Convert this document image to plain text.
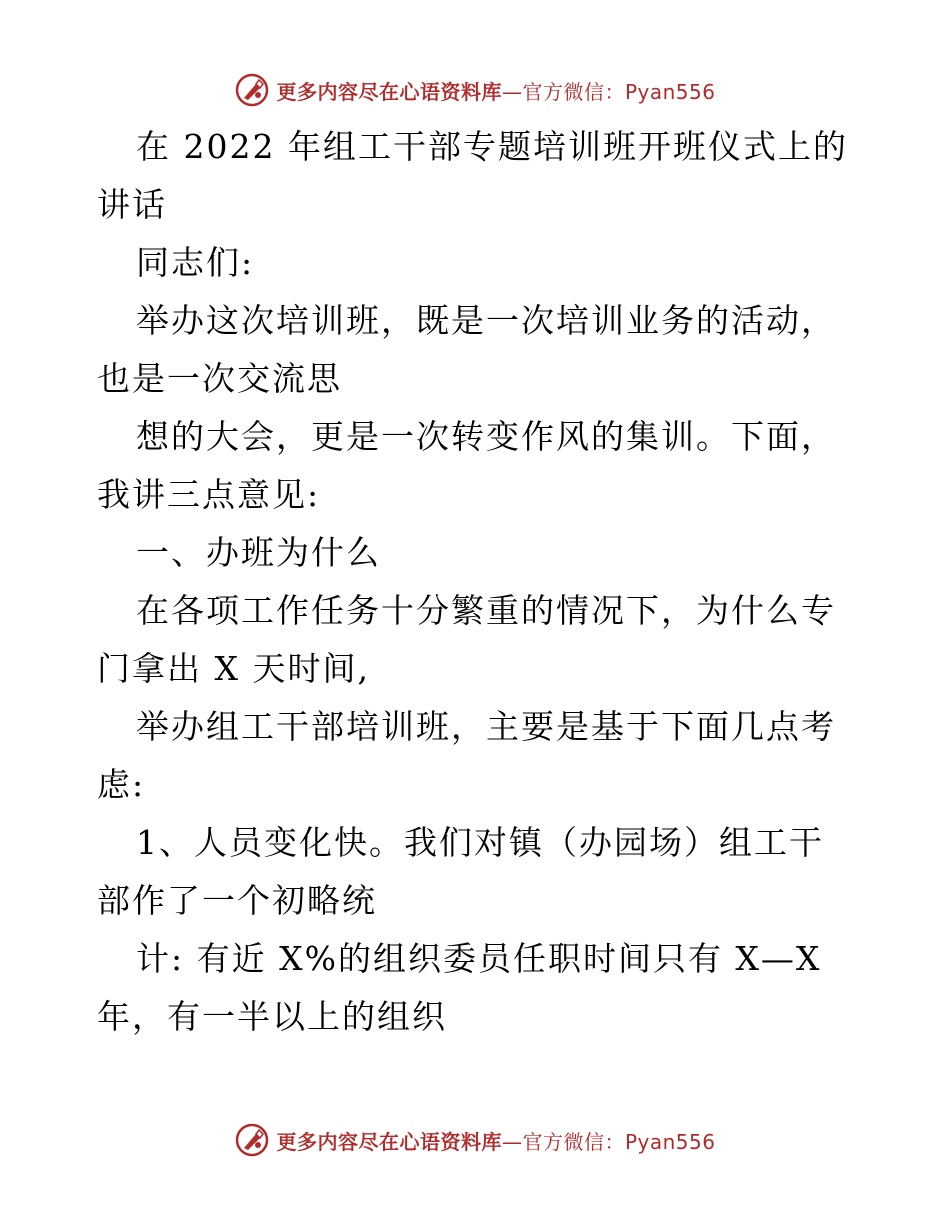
更多内容尽在心语资料库—官方微信：Pyan556

在 2022 年组工干部专题培训班开班仪式上的讲话

同志们:

举办这次培训班，既是一次培训业务的活动，也是一次交流思

想的大会，更是一次转变作风的集训。下面，我讲三点意见:

一、办班为什么

在各项工作任务十分繁重的情况下，为什么专门拿出 X 天时间,

举办组工干部培训班，主要是基于下面几点考虑:

1、人员变化快。我们对镇（办园场）组工干部作了一个初略统

计: 有近 X%的组织委员任职时间只有 X—X 年，有一半以上的组织

更多内容尽在心语资料库—官方微信：Pyan556
